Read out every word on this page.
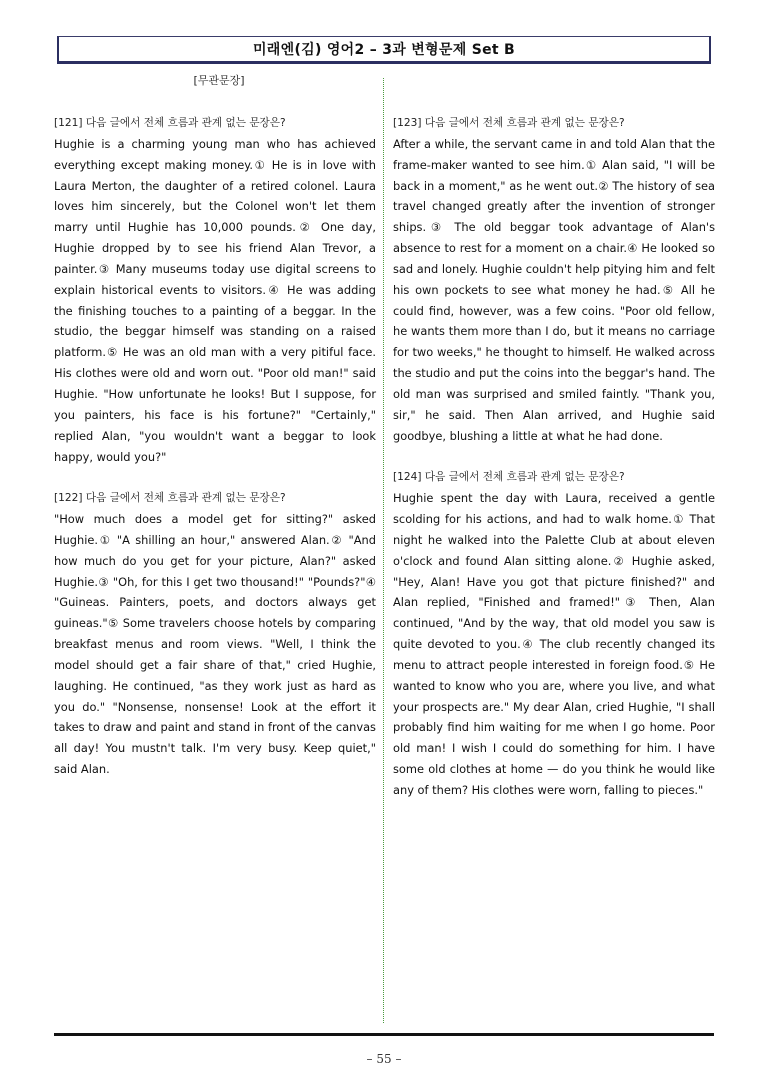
미래엔(김) 영어2 – 3과 변형문제 Set B
[무관문장]
[121] 다음 글에서 전체 흐름과 관계 없는 문장은?
Hughie is a charming young man who has achieved everything except making money.① He is in love with Laura Merton, the daughter of a retired colonel. Laura loves him sincerely, but the Colonel won't let them marry until Hughie has 10,000 pounds.② One day, Hughie dropped by to see his friend Alan Trevor, a painter.③ Many museums today use digital screens to explain historical events to visitors.④ He was adding the finishing touches to a painting of a beggar. In the studio, the beggar himself was standing on a raised platform.⑤ He was an old man with a very pitiful face. His clothes were old and worn out. "Poor old man!" said Hughie. "How unfortunate he looks! But I suppose, for you painters, his face is his fortune?" "Certainly," replied Alan, "you wouldn't want a beggar to look happy, would you?"
[122] 다음 글에서 전체 흐름과 관계 없는 문장은?
"How much does a model get for sitting?" asked Hughie.① "A shilling an hour," answered Alan.② "And how much do you get for your picture, Alan?" asked Hughie.③ "Oh, for this I get two thousand!" "Pounds?"④ "Guineas. Painters, poets, and doctors always get guineas."⑤ Some travelers choose hotels by comparing breakfast menus and room views. "Well, I think the model should get a fair share of that," cried Hughie, laughing. He continued, "as they work just as hard as you do." "Nonsense, nonsense! Look at the effort it takes to draw and paint and stand in front of the canvas all day! You mustn't talk. I'm very busy. Keep quiet," said Alan.
[123] 다음 글에서 전체 흐름과 관계 없는 문장은?
After a while, the servant came in and told Alan that the frame-maker wanted to see him.① Alan said, "I will be back in a moment," as he went out.② The history of sea travel changed greatly after the invention of stronger ships.③ The old beggar took advantage of Alan's absence to rest for a moment on a chair.④ He looked so sad and lonely. Hughie couldn't help pitying him and felt his own pockets to see what money he had.⑤ All he could find, however, was a few coins. "Poor old fellow, he wants them more than I do, but it means no carriage for two weeks," he thought to himself. He walked across the studio and put the coins into the beggar's hand. The old man was surprised and smiled faintly. "Thank you, sir," he said. Then Alan arrived, and Hughie said goodbye, blushing a little at what he had done.
[124] 다음 글에서 전체 흐름과 관계 없는 문장은?
Hughie spent the day with Laura, received a gentle scolding for his actions, and had to walk home.① That night he walked into the Palette Club at about eleven o'clock and found Alan sitting alone.② Hughie asked, "Hey, Alan! Have you got that picture finished?" and Alan replied, "Finished and framed!"③ Then, Alan continued, "And by the way, that old model you saw is quite devoted to you.④ The club recently changed its menu to attract people interested in foreign food.⑤ He wanted to know who you are, where you live, and what your prospects are." My dear Alan, cried Hughie, "I shall probably find him waiting for me when I go home. Poor old man! I wish I could do something for him. I have some old clothes at home — do you think he would like any of them? His clothes were worn, falling to pieces."
– 55 –
